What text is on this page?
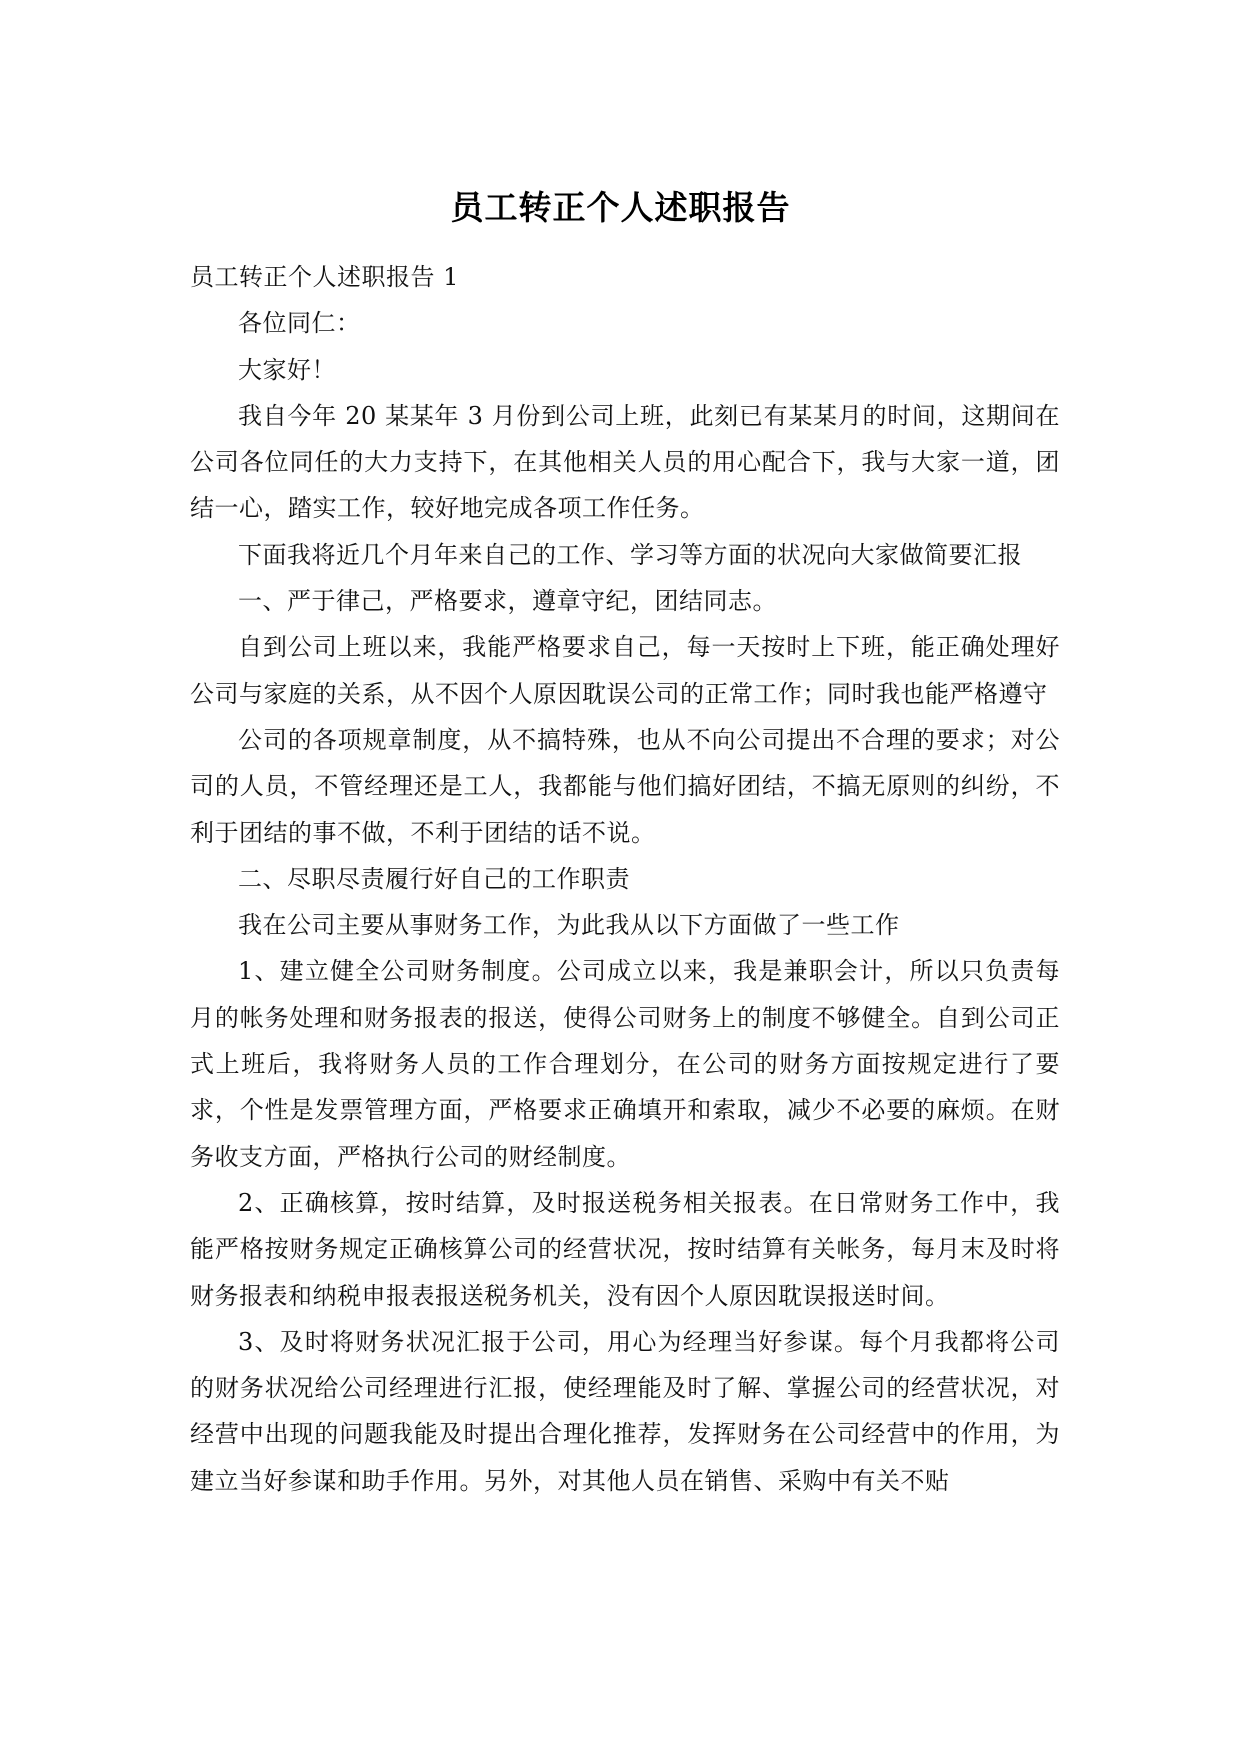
员工转正个人述职报告

员工转正个人述职报告 1

各位同仁：

大家好！

我自今年 20 某某年 3 月份到公司上班，此刻已有某某月的时间，这期间在公司各位同任的大力支持下，在其他相关人员的用心配合下，我与大家一道，团结一心，踏实工作，较好地完成各项工作任务。

下面我将近几个月年来自己的工作、学习等方面的状况向大家做简要汇报

一、严于律己，严格要求，遵章守纪，团结同志。

自到公司上班以来，我能严格要求自己，每一天按时上下班，能正确处理好公司与家庭的关系，从不因个人原因耽误公司的正常工作；同时我也能严格遵守

公司的各项规章制度，从不搞特殊，也从不向公司提出不合理的要求；对公司的人员，不管经理还是工人，我都能与他们搞好团结，不搞无原则的纠纷，不利于团结的事不做，不利于团结的话不说。

二、尽职尽责履行好自己的工作职责

我在公司主要从事财务工作，为此我从以下方面做了一些工作

1、建立健全公司财务制度。公司成立以来，我是兼职会计，所以只负责每月的帐务处理和财务报表的报送，使得公司财务上的制度不够健全。自到公司正式上班后，我将财务人员的工作合理划分，在公司的财务方面按规定进行了要求，个性是发票管理方面，严格要求正确填开和索取，减少不必要的麻烦。在财务收支方面，严格执行公司的财经制度。

2、正确核算，按时结算，及时报送税务相关报表。在日常财务工作中，我能严格按财务规定正确核算公司的经营状况，按时结算有关帐务，每月末及时将财务报表和纳税申报表报送税务机关，没有因个人原因耽误报送时间。

3、及时将财务状况汇报于公司，用心为经理当好参谋。每个月我都将公司的财务状况给公司经理进行汇报，使经理能及时了解、掌握公司的经营状况，对经营中出现的问题我能及时提出合理化推荐，发挥财务在公司经营中的作用，为建立当好参谋和助手作用。另外，对其他人员在销售、采购中有关不贴
